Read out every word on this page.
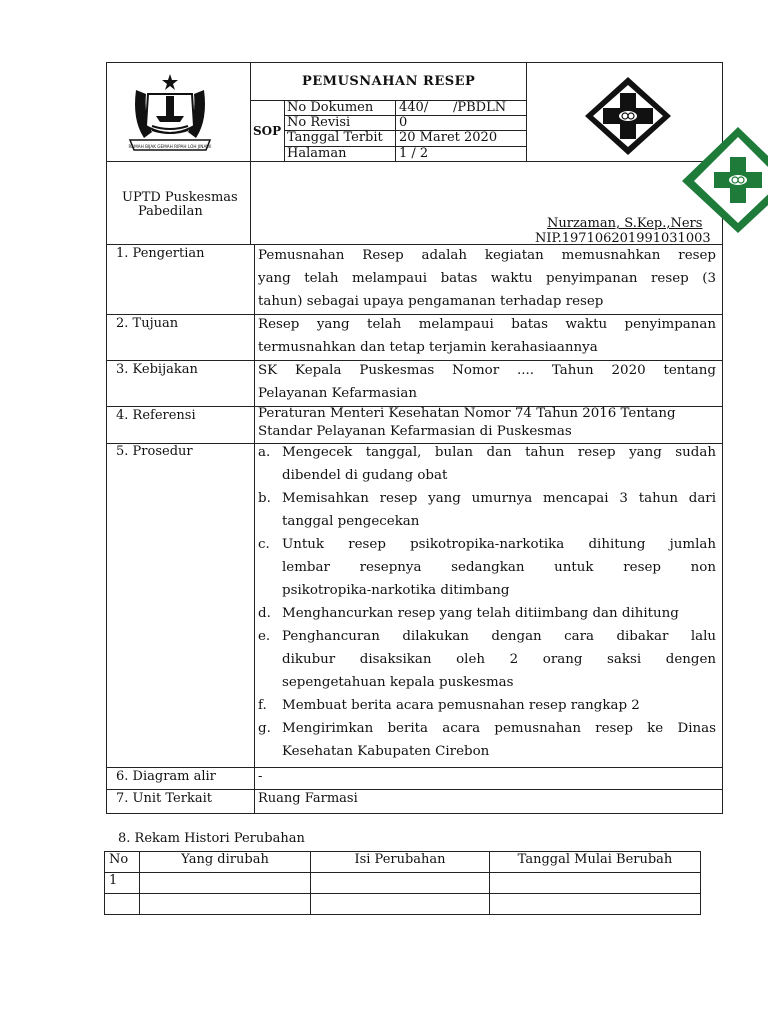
RAMAH BIJAK GEMAH RIPAH LOH JINAWI
PEMUSNAHAN RESEP
SOP
No Dokumen 440/      /PBDLN
No Revisi	0
Tanggal Terbit 20 Maret 2020
Halaman	1 / 2
UPTD Puskesmas
Pabedilan
Nurzaman, S.Kep.,Ners
NIP.197106201991031003
1. Pengertian	Pemusnahan Resep adalah kegiatan memusnahkan resep
yang telah melampaui batas waktu penyimpanan resep (3
tahun) sebagai upaya pengamanan terhadap resep
2. Tujuan	Resep yang telah melampaui batas waktu penyimpanan
termusnahkan dan tetap terjamin kerahasiaannya
3. Kebijakan	SK Kepala Puskesmas Nomor .... Tahun 2020 tentang
Pelayanan Kefarmasian
4. Referensi	Peraturan Menteri Kesehatan Nomor 74 Tahun 2016 Tentang
Standar Pelayanan Kefarmasian di Puskesmas
5. Prosedur	a. Mengecek tanggal, bulan dan tahun resep yang sudah
dibendel di gudang obat
b. Memisahkan resep yang umurnya mencapai 3 tahun dari
tanggal pengecekan
c. Untuk resep psikotropika-narkotika dihitung jumlah
lembar resepnya sedangkan untuk resep non
psikotropika-narkotika ditimbang
d. Menghancurkan resep yang telah ditiimbang dan dihitung
e. Penghancuran dilakukan dengan cara dibakar lalu
dikubur disaksikan oleh 2 orang saksi dengen
sepengetahuan kepala puskesmas
f. Membuat berita acara pemusnahan resep rangkap 2
g. Mengirimkan berita acara pemusnahan resep ke Dinas
Kesehatan Kabupaten Cirebon
6. Diagram alir	-
7. Unit Terkait	Ruang Farmasi
8. Rekam Histori Perubahan
No	Yang dirubah	Isi Perubahan	Tanggal Mulai Berubah
1			
